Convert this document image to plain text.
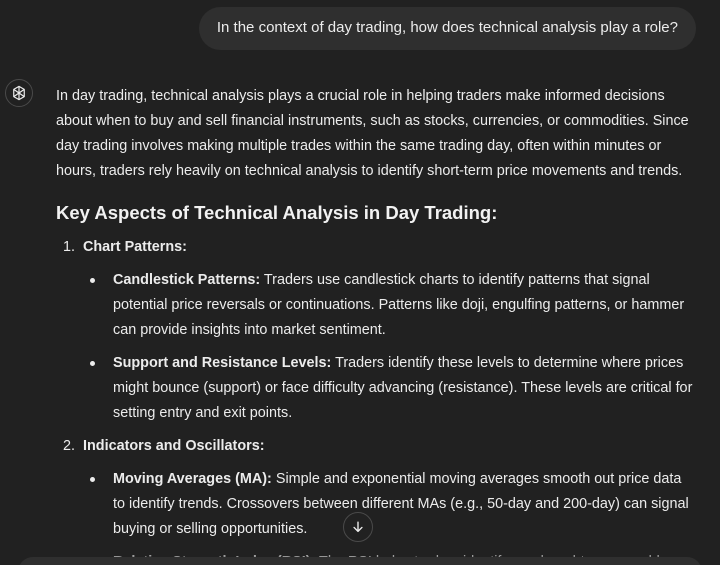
In the context of day trading, how does technical analysis play a role?

In day trading, technical analysis plays a crucial role in helping traders make informed decisions about when to buy and sell financial instruments, such as stocks, currencies, or commodities. Since day trading involves making multiple trades within the same trading day, often within minutes or hours, traders rely heavily on technical analysis to identify short-term price movements and trends.

Key Aspects of Technical Analysis in Day Trading:
1. Chart Patterns:
Candlestick Patterns: Traders use candlestick charts to identify patterns that signal potential price reversals or continuations. Patterns like doji, engulfing patterns, or hammer can provide insights into market sentiment.
Support and Resistance Levels: Traders identify these levels to determine where prices might bounce (support) or face difficulty advancing (resistance). These levels are critical for setting entry and exit points.
2. Indicators and Oscillators:
Moving Averages (MA): Simple and exponential moving averages smooth out price data to identify trends. Crossovers between different MAs (e.g., 50-day and 200-day) can signal buying or selling opportunities.
